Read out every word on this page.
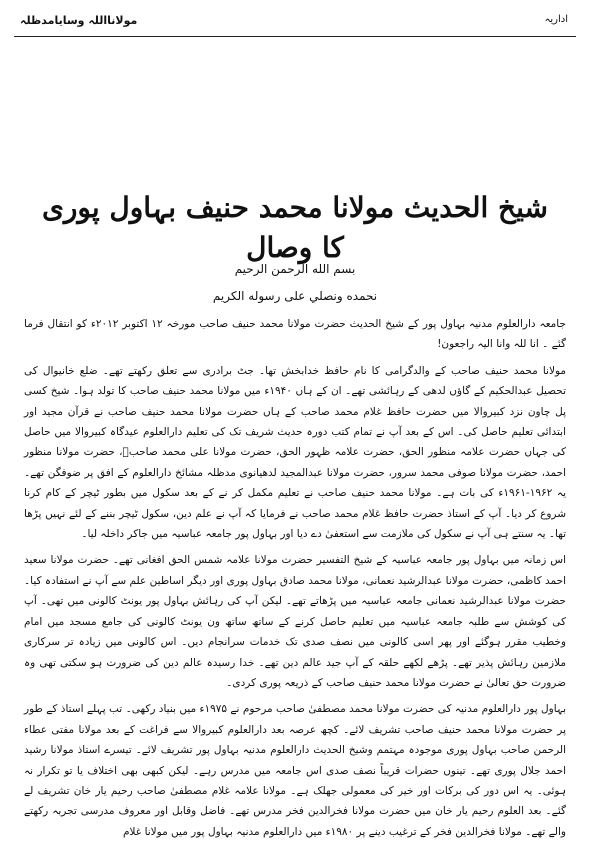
مولانااللہ وسایامدظلہ	اداریہ
شیخ الحدیث مولانا محمد حنیف بہاول پوری کا وصال
بسم الله الرحمن الرحيم
نحمده ونصلي على رسوله الكريم

جامعہ دارالعلوم مدنیہ بہاول پور کے شیخ الحدیث حضرت مولانا محمد حنیف صاحب مورخہ ۱۲ اکتوبر ۲۰۱۲ء کو انتقال فرما گئے ۔ انا للہ وانا الیہ راجعون!

مولانا محمد حنیف صاحب کے والدگرامی کا نام حافظ خدابخش تھا۔ جٹ برادری سے تعلق رکھتے تھے۔ ضلع خانیوال کی تحصیل عبدالحکیم کے گاؤں لدھی کے رہائشی تھے۔ ان کے ہاں ۱۹۴۰ء میں مولانا محمد حنیف صاحب کا تولد ہوا۔ شیخ کسی پل چاون نزد کبیروالا میں حضرت حافظ غلام محمد صاحب کے ہاں حضرت مولانا محمد حنیف صاحب نے قرآن مجید اور ابتدائی تعلیم حاصل کی۔ اس کے بعد آپ نے تمام کتب دورہ حدیث شریف تک کی تعلیم دارالعلوم عیدگاہ کبیروالا میں حاصل کی جہاں حضرت علامہ منظور الحق، حضرت علامہ ظہور الحق، حضرت مولانا علی محمد صاحبؒ، حضرت مولانا منظور احمد، حضرت مولانا صوفی محمد سرور، حضرت مولانا عبدالمجید لدھیانوی مدظلہ مشائخ دارالعلوم کے افق پر ضوفگن تھے۔ یہ ۱۹۶۲-۱۹۶۱ء کی بات ہے۔ مولانا محمد حنیف صاحب نے تعلیم مکمل کر نے کے بعد سکول میں بطور ٹیچر کے کام کرنا شروع کر دیا۔ آپ کے استاذ حضرت حافظ غلام محمد صاحب نے فرمایا کہ آپ نے علم دین، سکول ٹیچر بننے کے لئے نہیں پڑھا تھا۔ یہ سنتے ہی آپ نے سکول کی ملازمت سے استعفیٰ دے دیا اور بہاول پور جامعہ عباسیہ میں جاکر داخلہ لیا۔

اس زمانہ میں بہاول پور جامعہ عباسیہ کے شیخ التفسیر حضرت مولانا علامہ شمس الحق افغانی تھے۔ حضرت مولانا سعید احمد کاظمی، حضرت مولانا عبدالرشید نعمانی، مولانا محمد صادق بہاول پوری اور دیگر اساطین علم سے آپ نے استفادہ کیا۔ حضرت مولانا عبدالرشید نعمانی جامعہ عباسیہ میں پڑھاتے تھے۔ لیکن آپ کی رہائش بہاول پور یونٹ کالونی میں تھی۔ آپ کی کوشش سے طلبہ جامعہ عباسیہ میں تعلیم حاصل کرنے کے ساتھ ساتھ ون یونٹ کالونی کی جامع مسجد میں امام وخطیب مقرر ہوگئے اور پھر اسی کالونی میں نصف صدی تک خدمات سرانجام دیں۔ اس کالونی میں زیادہ تر سرکاری ملازمین رہائش پذیر تھے۔ پڑھے لکھے حلقہ کے آپ جید عالم دین تھے۔ خدا رسیدہ عالم دین کی ضرورت ہو سکتی تھی وہ ضرورت حق تعالیٰ نے حضرت مولانا محمد حنیف صاحب کے ذریعہ پوری کردی۔

بہاول پور دارالعلوم مدنیہ کی حضرت مولانا محمد مصطفیٰ صاحب مرحوم نے ۱۹۷۵ء میں بنیاد رکھی۔ تب پہلے استاذ کے طور پر حضرت مولانا محمد حنیف صاحب تشریف لائے۔ کچھ عرصہ بعد دارالعلوم کبیروالا سے فراغت کے بعد مولانا مفتی عطاء الرحمن صاحب بہاول پوری موجودہ مہتمم وشیخ الحدیث دارالعلوم مدنیہ بہاول پور تشریف لائے۔ تیسرے استاذ مولانا رشید احمد جلال پوری تھے۔ تینوں حضرات قریباً نصف صدی اس جامعہ میں مدرس رہے۔ لیکن کبھی بھی اختلاف یا تو تکرار نہ ہوئی۔ یہ اس دور کی برکات اور خیر کی معمولی جھلک ہے۔ مولانا علامہ غلام مصطفیٰ صاحب رحیم یار خان تشریف لے گئے۔ بعد العلوم رحیم یار خان میں حضرت مولانا فخرالدین فخر مدرس تھے۔ فاضل وقابل اور معروف مدرسی تجربہ رکھتے والے تھے۔ مولانا فخرالدین فخر کے ترغیب دینے پر ۱۹۸۰ء میں دارالعلوم مدنیہ بہاول پور میں مولانا غلام
